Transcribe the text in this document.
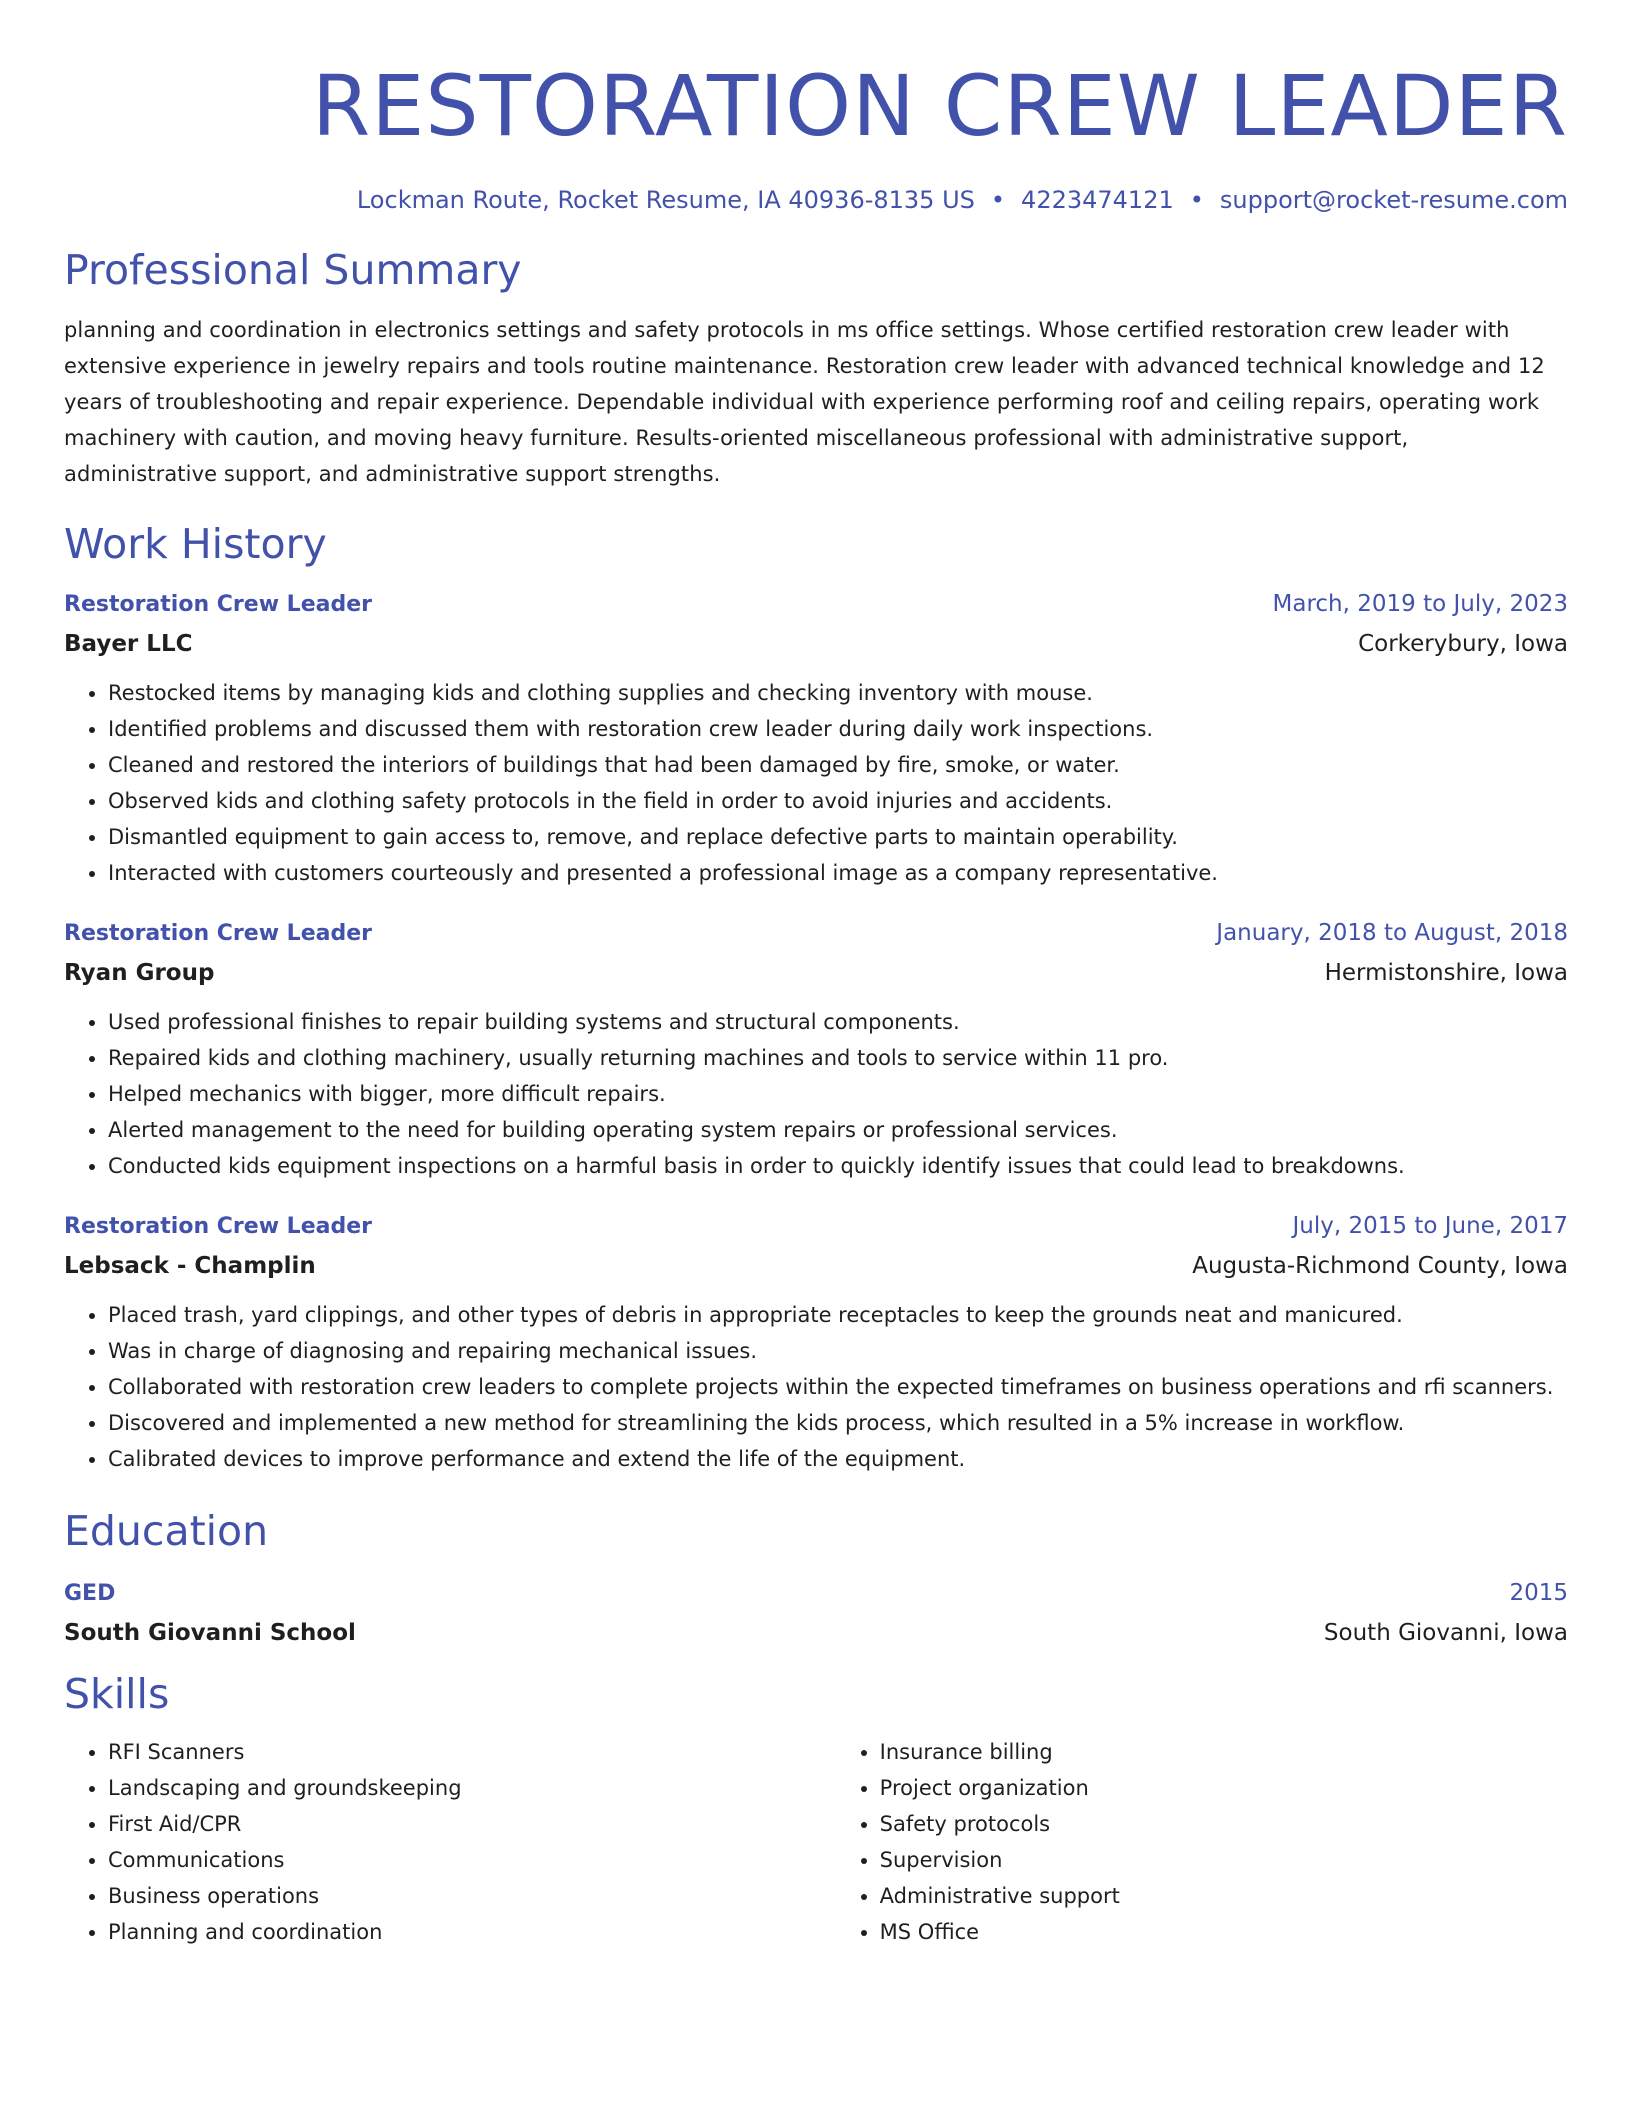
RESTORATION CREW LEADER
Lockman Route, Rocket Resume, IA 40936-8135 US • 4223474121 • support@rocket-resume.com
Professional Summary
planning and coordination in electronics settings and safety protocols in ms office settings. Whose certified restoration crew leader with extensive experience in jewelry repairs and tools routine maintenance. Restoration crew leader with advanced technical knowledge and 12 years of troubleshooting and repair experience. Dependable individual with experience performing roof and ceiling repairs, operating work machinery with caution, and moving heavy furniture. Results-oriented miscellaneous professional with administrative support, administrative support, and administrative support strengths.
Work History
Restoration Crew Leader	March, 2019 to July, 2023
Bayer LLC	Corkerybury, Iowa
• Restocked items by managing kids and clothing supplies and checking inventory with mouse.
• Identified problems and discussed them with restoration crew leader during daily work inspections.
• Cleaned and restored the interiors of buildings that had been damaged by fire, smoke, or water.
• Observed kids and clothing safety protocols in the field in order to avoid injuries and accidents.
• Dismantled equipment to gain access to, remove, and replace defective parts to maintain operability.
• Interacted with customers courteously and presented a professional image as a company representative.
Restoration Crew Leader	January, 2018 to August, 2018
Ryan Group	Hermistonshire, Iowa
• Used professional finishes to repair building systems and structural components.
• Repaired kids and clothing machinery, usually returning machines and tools to service within 11 pro.
• Helped mechanics with bigger, more difficult repairs.
• Alerted management to the need for building operating system repairs or professional services.
• Conducted kids equipment inspections on a harmful basis in order to quickly identify issues that could lead to breakdowns.
Restoration Crew Leader	July, 2015 to June, 2017
Lebsack - Champlin	Augusta-Richmond County, Iowa
• Placed trash, yard clippings, and other types of debris in appropriate receptacles to keep the grounds neat and manicured.
• Was in charge of diagnosing and repairing mechanical issues.
• Collaborated with restoration crew leaders to complete projects within the expected timeframes on business operations and rfi scanners.
• Discovered and implemented a new method for streamlining the kids process, which resulted in a 5% increase in workflow.
• Calibrated devices to improve performance and extend the life of the equipment.
Education
GED	2015
South Giovanni School	South Giovanni, Iowa
Skills
• RFI Scanners
• Landscaping and groundskeeping
• First Aid/CPR
• Communications
• Business operations
• Planning and coordination
• Insurance billing
• Project organization
• Safety protocols
• Supervision
• Administrative support
• MS Office
